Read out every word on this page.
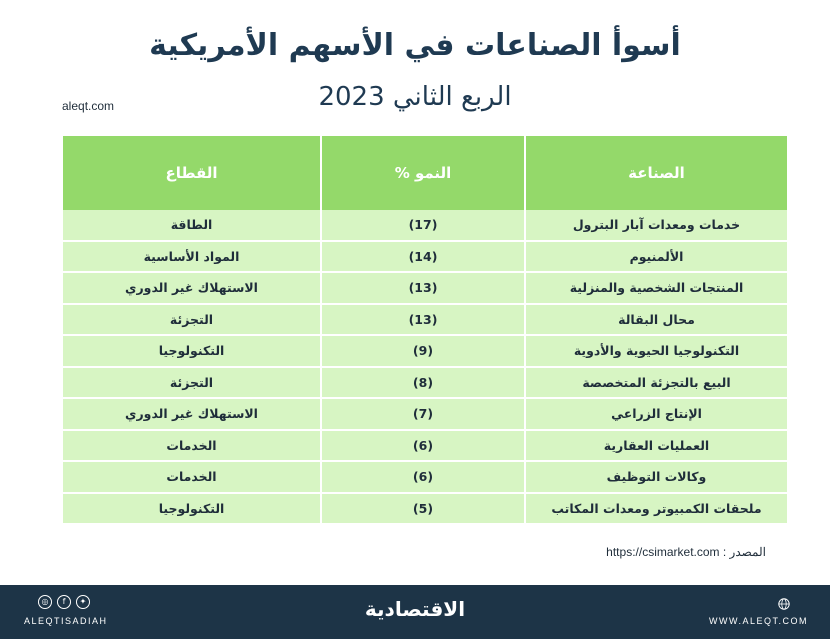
أسوأ الصناعات في الأسهم الأمريكية
الربع الثاني 2023
aleqt.com
الصناعة	النمو %	القطاع
خدمات ومعدات آبار البترول	(17)	الطاقة
الألمنيوم	(14)	المواد الأساسية
المنتجات الشخصية والمنزلية	(13)	الاستهلاك غير الدوري
محال البقالة	(13)	التجزئة
التكنولوجيا الحيوية والأدوية	(9)	التكنولوجيا
البيع بالتجزئة المتخصصة	(8)	التجزئة
الإنتاج الزراعي	(7)	الاستهلاك غير الدوري
العمليات العقارية	(6)	الخدمات
وكالات التوظيف	(6)	الخدمات
ملحقات الكمبيوتر ومعدات المكاتب	(5)	التكنولوجيا
المصدر : https://csimarket.com
◎	f	✦
ALEQTISADIAH	الاقتصادية	WWW.ALEQT.COM
